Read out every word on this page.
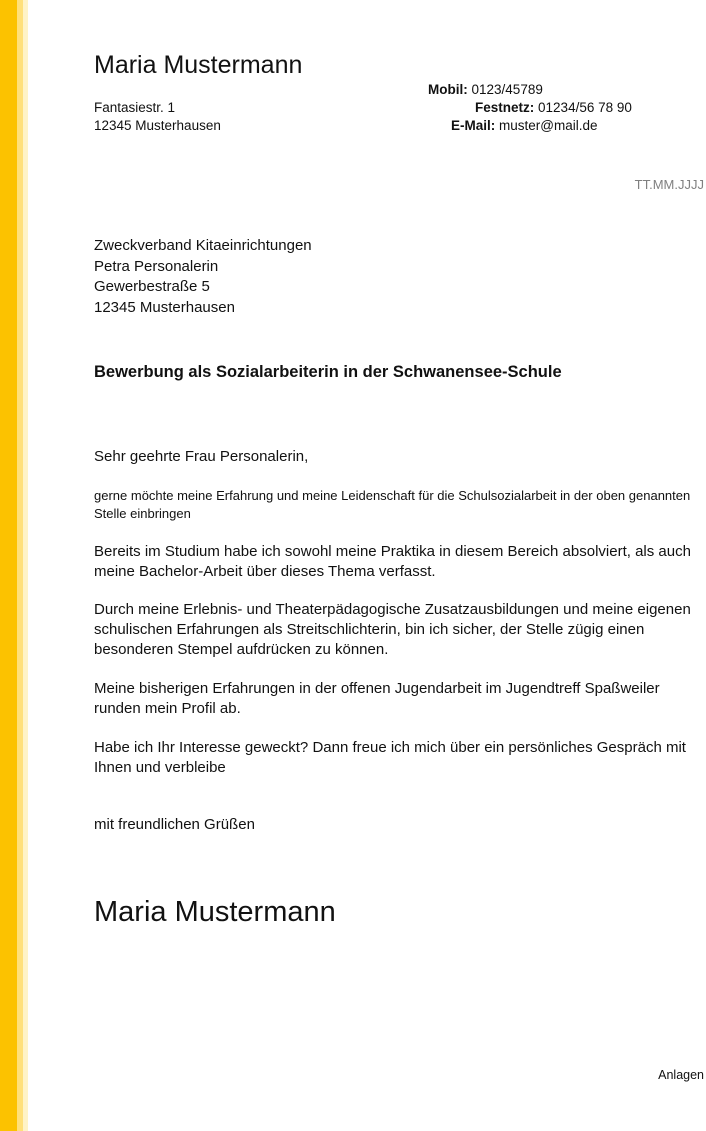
Maria Mustermann
Mobil: 0123/45789
Fantasiestr. 1	Festnetz: 01234/56 78 90
12345 Musterhausen	E-Mail: muster@mail.de
TT.MM.JJJJ
Zweckverband Kitaeinrichtungen
Petra Personalerin
Gewerbestraße 5
12345 Musterhausen
Bewerbung als Sozialarbeiterin in der Schwanensee-Schule
Sehr geehrte Frau Personalerin,
gerne möchte meine Erfahrung und meine Leidenschaft für die Schulsozialarbeit in der oben genannten Stelle einbringen
Bereits im Studium habe ich sowohl meine Praktika in diesem Bereich absolviert, als auch meine Bachelor-Arbeit über dieses Thema verfasst.
Durch meine Erlebnis- und Theaterpädagogische Zusatzausbildungen und meine eigenen schulischen Erfahrungen als Streitschlichterin, bin ich sicher, der Stelle zügig einen besonderen Stempel aufdrücken zu können.
Meine bisherigen Erfahrungen in der offenen Jugendarbeit im Jugendtreff Spaßweiler runden mein Profil ab.
Habe ich Ihr Interesse geweckt? Dann freue ich mich über ein persönliches Gespräch mit Ihnen und verbleibe
mit freundlichen Grüßen
Maria Mustermann
Anlagen
